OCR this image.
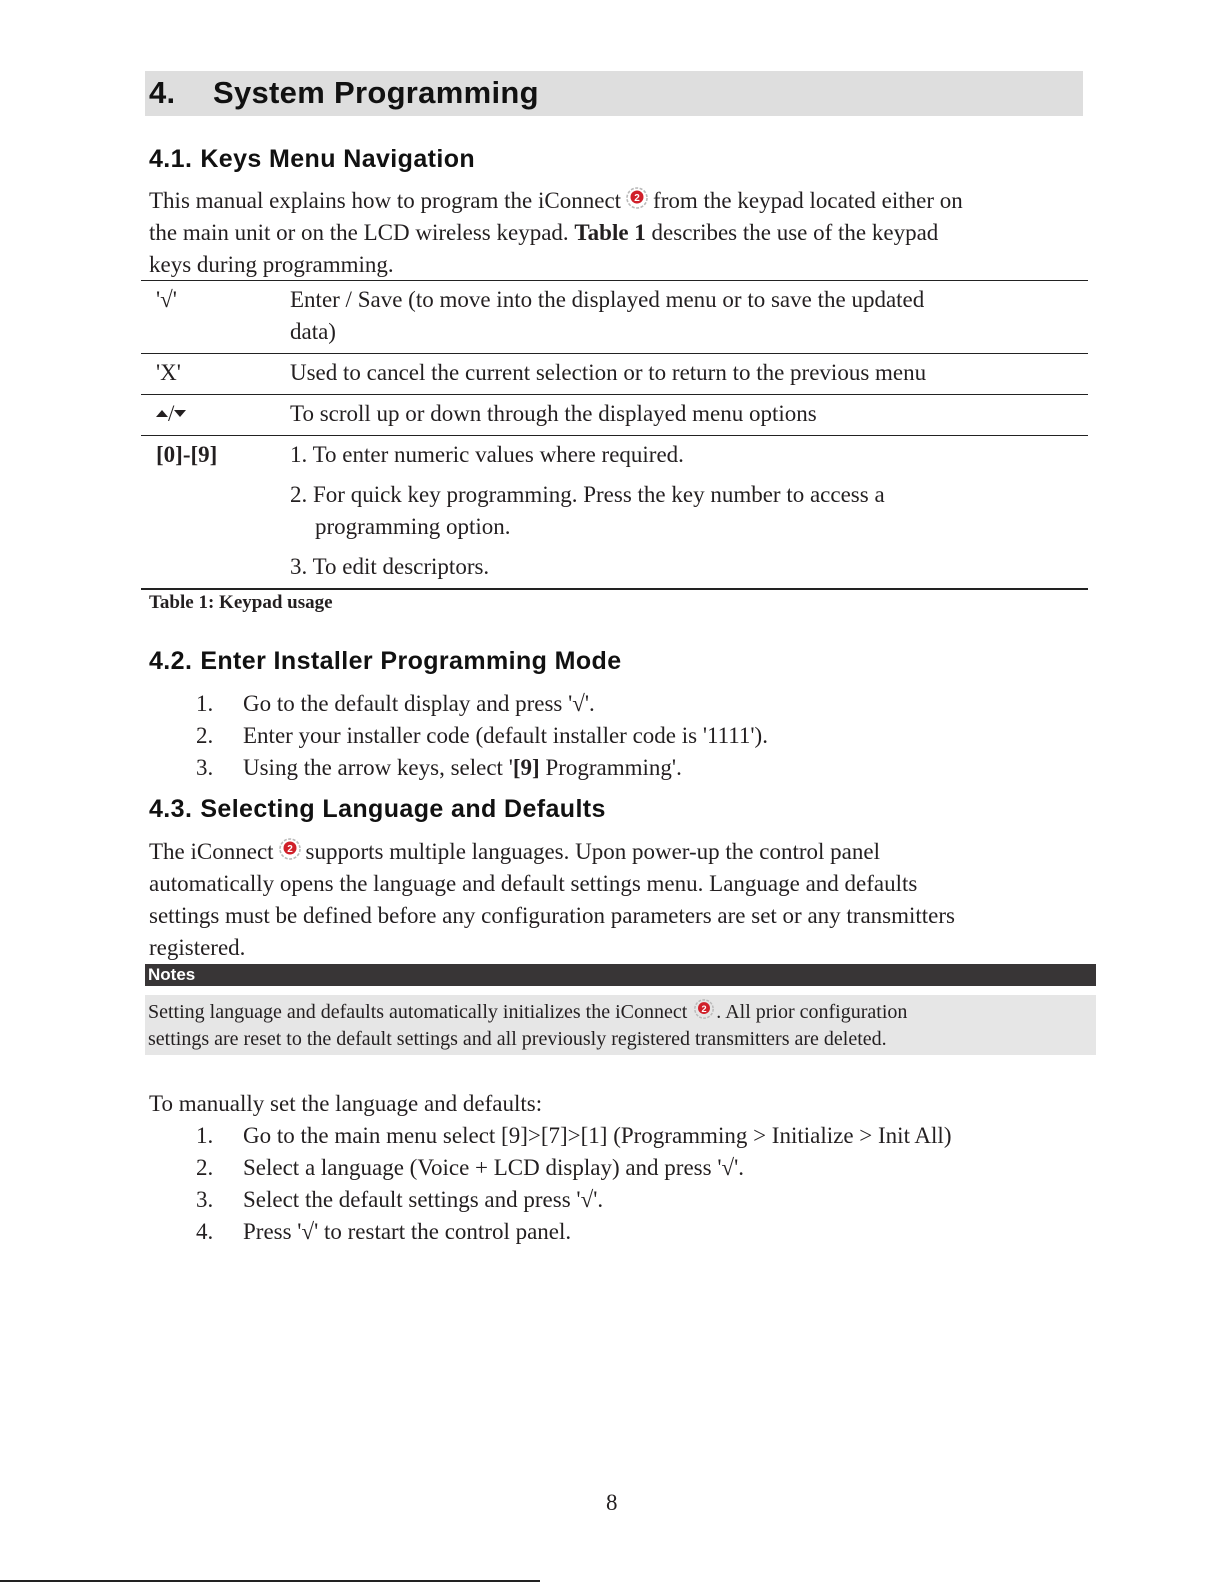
4. System Programming
4.1. Keys Menu Navigation
This manual explains how to program the iConnect from the keypad located either on
the main unit or on the LCD wireless keypad. Table 1 describes the use of the keypad
keys during programming.
'√'	Enter / Save (to move into the displayed menu or to save the updated
data)
'X'	Used to cancel the current selection or to return to the previous menu
/	To scroll up or down through the displayed menu options
[0]-[9]	1. To enter numeric values where required.
2. For quick key programming. Press the key number to access a
programming option.
3. To edit descriptors.
Table 1: Keypad usage
4.2. Enter Installer Programming Mode
1. Go to the default display and press '√'.
2. Enter your installer code (default installer code is '1111').
3. Using the arrow keys, select '[9] Programming'.
4.3. Selecting Language and Defaults
The iConnect supports multiple languages. Upon power-up the control panel
automatically opens the language and default settings menu. Language and defaults
settings must be defined before any configuration parameters are set or any transmitters
registered.
Notes
Setting language and defaults automatically initializes the iConnect . All prior configuration
settings are reset to the default settings and all previously registered transmitters are deleted.
To manually set the language and defaults:
1. Go to the main menu select [9]>[7]>[1] (Programming > Initialize > Init All)
2. Select a language (Voice + LCD display) and press '√'.
3. Select the default settings and press '√'.
4. Press '√' to restart the control panel.
8
